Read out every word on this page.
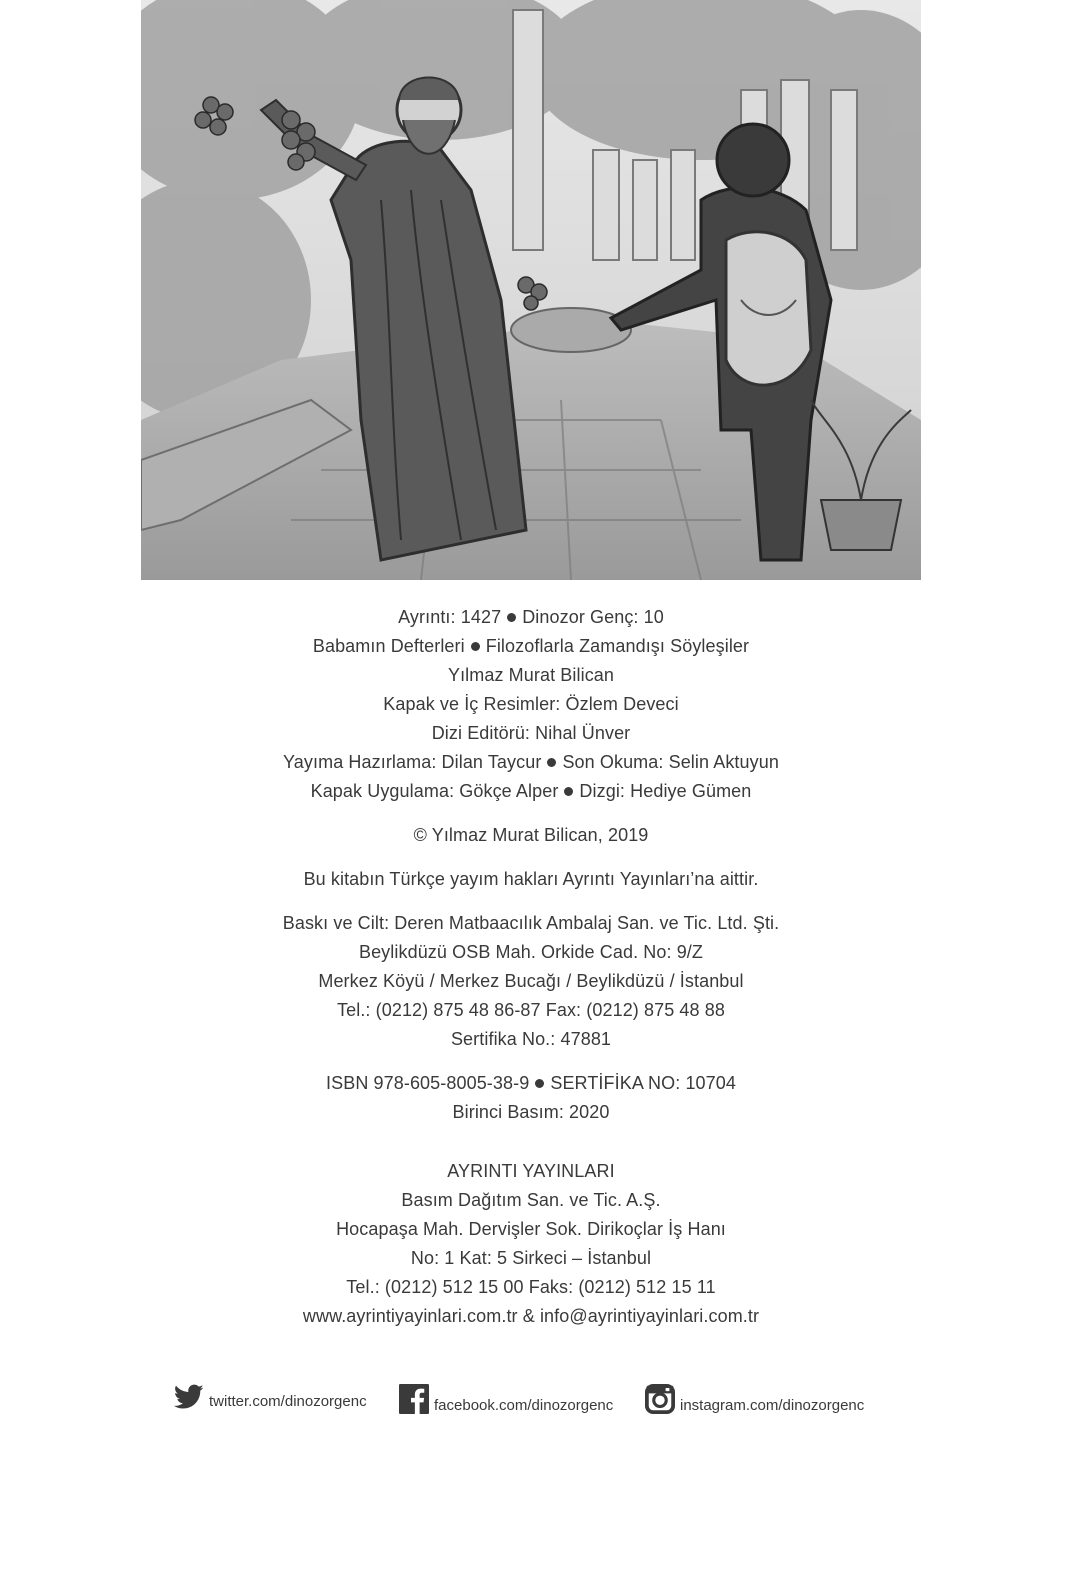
Ayrıntı: 1427 Dinozor Genç: 10

Babamın Defterleri Filozoflarla Zamandışı Söyleşiler

Yılmaz Murat Bilican

Kapak ve İç Resimler: Özlem Deveci

Dizi Editörü: Nihal Ünver

Yayıma Hazırlama: Dilan Taycur Son Okuma: Selin Aktuyun

Kapak Uygulama: Gökçe Alper Dizgi: Hediye Gümen

© Yılmaz Murat Bilican, 2019

Bu kitabın Türkçe yayım hakları Ayrıntı Yayınları’na aittir.

Baskı ve Cilt: Deren Matbaacılık Ambalaj San. ve Tic. Ltd. Şti.

Beylikdüzü OSB Mah. Orkide Cad. No: 9/Z

Merkez Köyü / Merkez Bucağı / Beylikdüzü / İstanbul

Tel.: (0212) 875 48 86-87 Fax: (0212) 875 48 88

Sertifika No.: 47881

ISBN 978-605-8005-38-9 SERTİFİKA NO: 10704

Birinci Basım: 2020

AYRINTI YAYINLARI

Basım Dağıtım San. ve Tic. A.Ş.

Hocapaşa Mah. Dervişler Sok. Dirikoçlar İş Hanı

No: 1 Kat: 5 Sirkeci – İstanbul

Tel.: (0212) 512 15 00 Faks: (0212) 512 15 11

www.ayrintiyayinlari.com.tr & info@ayrintiyayinlari.com.tr

twitter.com/dinozorgenc	facebook.com/dinozorgenc	instagram.com/dinozorgenc
